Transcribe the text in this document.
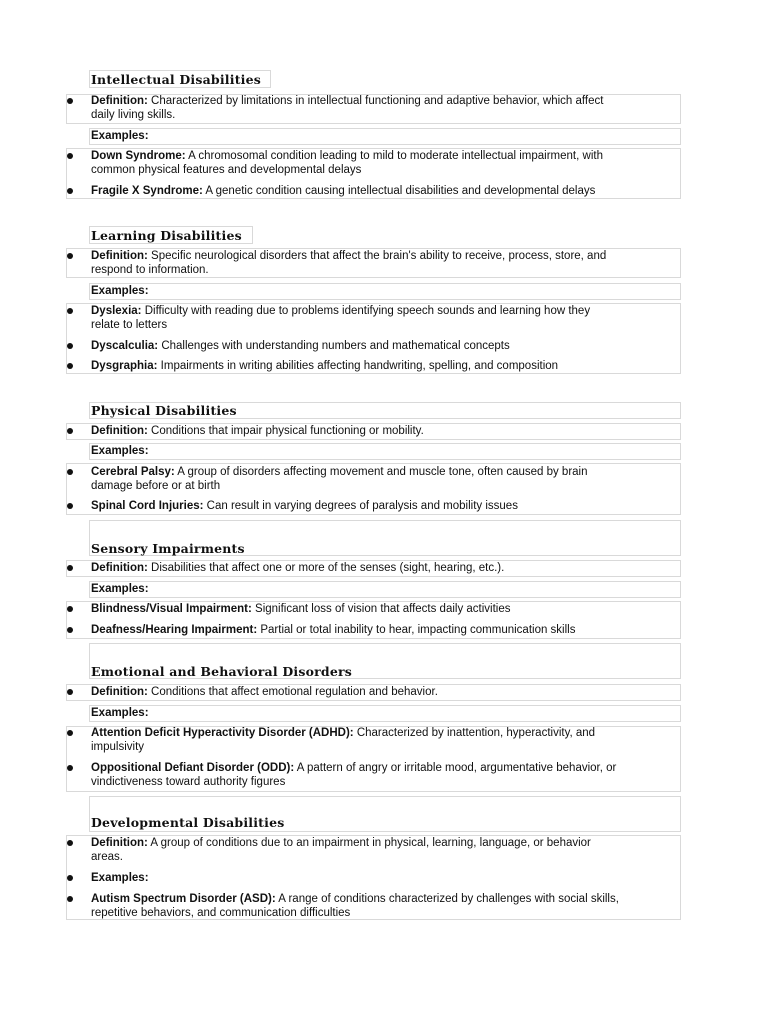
Intellectual Disabilities
Definition: Characterized by limitations in intellectual functioning and adaptive behavior, which affect
daily living skills.
Examples:
Down Syndrome: A chromosomal condition leading to mild to moderate intellectual impairment, with
common physical features and developmental delays
Fragile X Syndrome: A genetic condition causing intellectual disabilities and developmental delays
Learning Disabilities
Definition: Specific neurological disorders that affect the brain's ability to receive, process, store, and
respond to information.
Examples:
Dyslexia: Difficulty with reading due to problems identifying speech sounds and learning how they
relate to letters
Dyscalculia: Challenges with understanding numbers and mathematical concepts
Dysgraphia: Impairments in writing abilities affecting handwriting, spelling, and composition
Physical Disabilities
Definition: Conditions that impair physical functioning or mobility.
Examples:
Cerebral Palsy: A group of disorders affecting movement and muscle tone, often caused by brain
damage before or at birth
Spinal Cord Injuries: Can result in varying degrees of paralysis and mobility issues
Sensory Impairments
Definition: Disabilities that affect one or more of the senses (sight, hearing, etc.).
Examples:
Blindness/Visual Impairment: Significant loss of vision that affects daily activities
Deafness/Hearing Impairment: Partial or total inability to hear, impacting communication skills
Emotional and Behavioral Disorders
Definition: Conditions that affect emotional regulation and behavior.
Examples:
Attention Deficit Hyperactivity Disorder (ADHD): Characterized by inattention, hyperactivity, and
impulsivity
Oppositional Defiant Disorder (ODD): A pattern of angry or irritable mood, argumentative behavior, or
vindictiveness toward authority figures
Developmental Disabilities
Definition: A group of conditions due to an impairment in physical, learning, language, or behavior
areas.
Examples:
Autism Spectrum Disorder (ASD): A range of conditions characterized by challenges with social skills,
repetitive behaviors, and communication difficulties
